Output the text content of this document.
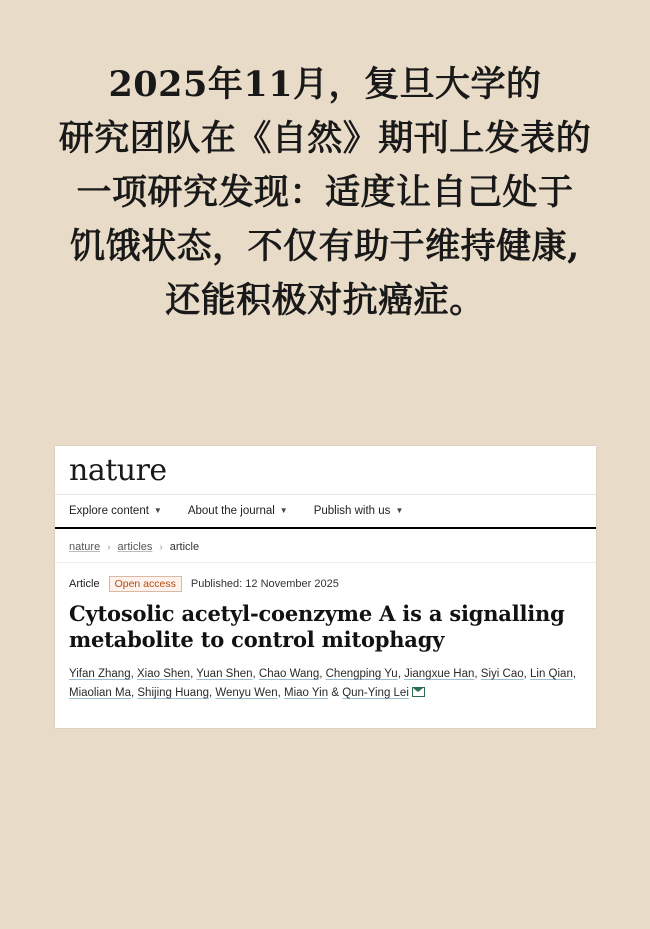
2025年11月，复旦大学的
研究团队在《自然》期刊上发表的
一项研究发现：适度让自己处于
饥饿状态，不仅有助于维持健康,
还能积极对抗癌症。
nature
Explore content ▼ About the journal ▼ Publish with us ▼
nature › articles › article
Article	Open access	Published: 12 November 2025
Cytosolic acetyl-coenzyme A is a signalling metabolite to control mitophagy
Yifan Zhang, Xiao Shen, Yuan Shen, Chao Wang, Chengping Yu, Jiangxue Han, Siyi Cao, Lin Qian, Miaolian Ma, Shijing Huang, Wenyu Wen, Miao Yin & Qun-Ying Lei
